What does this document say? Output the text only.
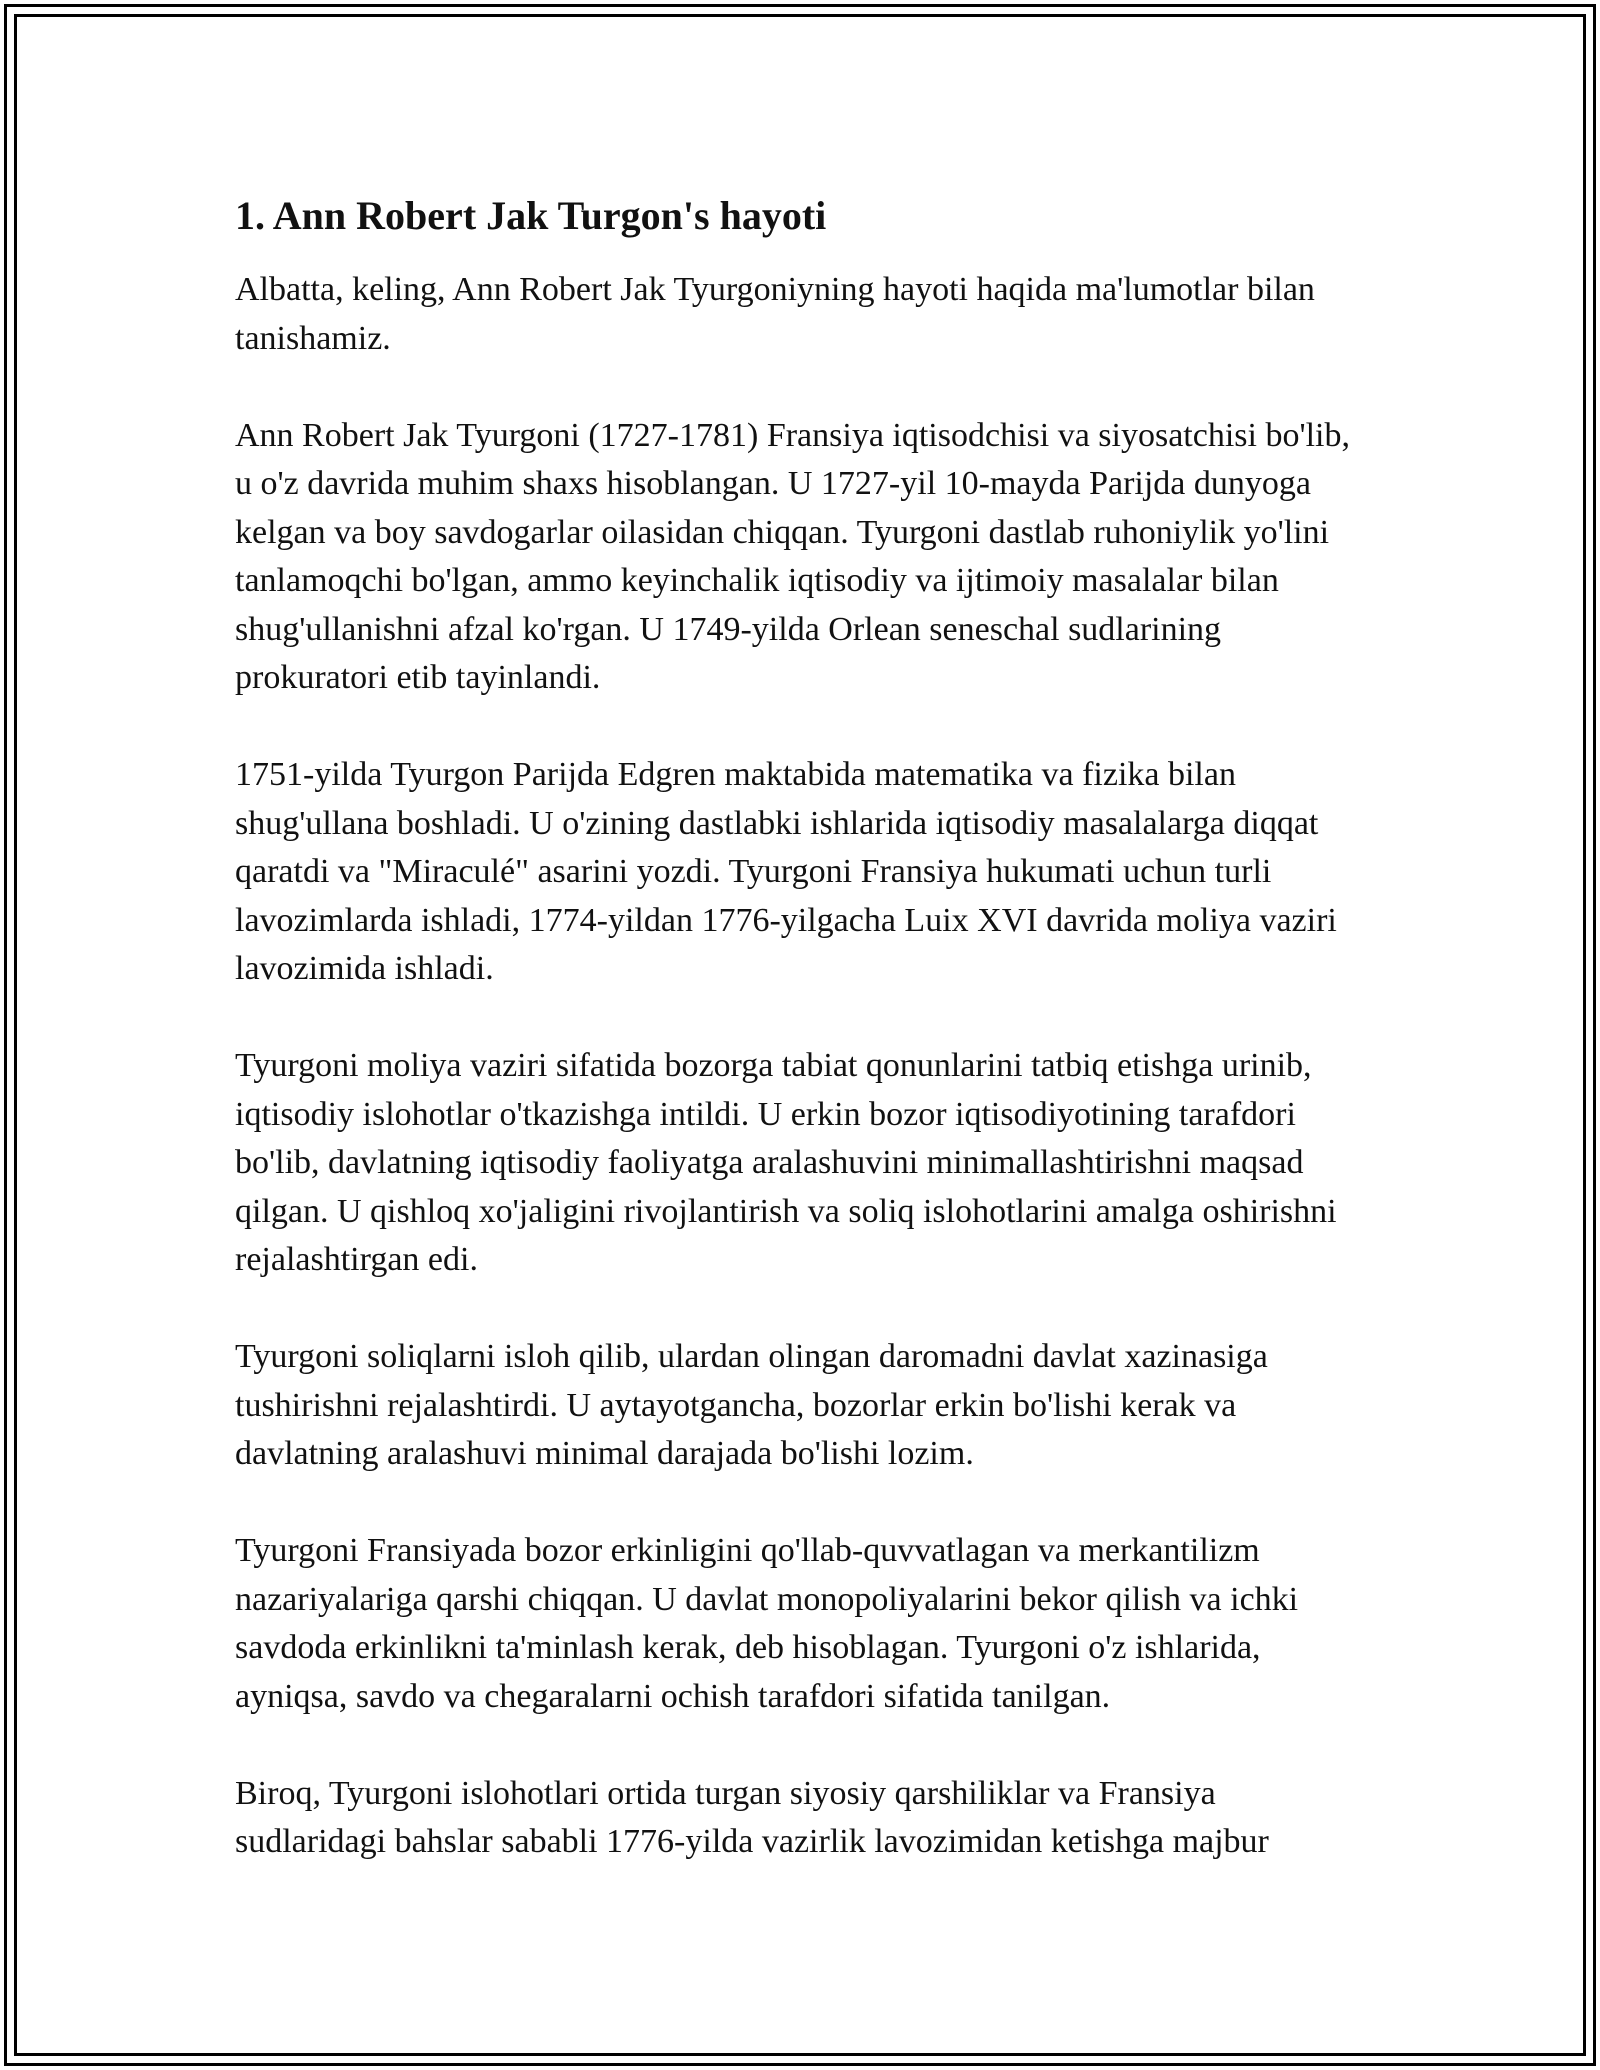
1. Ann Robert Jak Turgon's hayoti

Albatta, keling, Ann Robert Jak Tyurgoniyning hayoti haqida ma'lumotlar bilan tanishamiz.

Ann Robert Jak Tyurgoni (1727-1781) Fransiya iqtisodchisi va siyosatchisi bo'lib, u o'z davrida muhim shaxs hisoblangan. U 1727-yil 10-mayda Parijda dunyoga kelgan va boy savdogarlar oilasidan chiqqan. Tyurgoni dastlab ruhoniylik yo'lini tanlamoqchi bo'lgan, ammo keyinchalik iqtisodiy va ijtimoiy masalalar bilan shug'ullanishni afzal ko'rgan. U 1749-yilda Orlean seneschal sudlarining prokuratori etib tayinlandi.

1751-yilda Tyurgon Parijda Edgren maktabida matematika va fizika bilan shug'ullana boshladi. U o'zining dastlabki ishlarida iqtisodiy masalalarga diqqat qaratdi va "Miraculé" asarini yozdi. Tyurgoni Fransiya hukumati uchun turli lavozimlarda ishladi, 1774-yildan 1776-yilgacha Luix XVI davrida moliya vaziri lavozimida ishladi.

Tyurgoni moliya vaziri sifatida bozorga tabiat qonunlarini tatbiq etishga urinib, iqtisodiy islohotlar o'tkazishga intildi. U erkin bozor iqtisodiyotining tarafdori bo'lib, davlatning iqtisodiy faoliyatga aralashuvini minimallashtirishni maqsad qilgan. U qishloq xo'jaligini rivojlantirish va soliq islohotlarini amalga oshirishni rejalashtirgan edi.

Tyurgoni soliqlarni isloh qilib, ulardan olingan daromadni davlat xazinasiga tushirishni rejalashtirdi. U aytayotgancha, bozorlar erkin bo'lishi kerak va davlatning aralashuvi minimal darajada bo'lishi lozim.

Tyurgoni Fransiyada bozor erkinligini qo'llab-quvvatlagan va merkantilizm nazariyalariga qarshi chiqqan. U davlat monopoliyalarini bekor qilish va ichki savdoda erkinlikni ta'minlash kerak, deb hisoblagan. Tyurgoni o'z ishlarida, ayniqsa, savdo va chegaralarni ochish tarafdori sifatida tanilgan.

Biroq, Tyurgoni islohotlari ortida turgan siyosiy qarshiliklar va Fransiya sudlaridagi bahslar sababli 1776-yilda vazirlik lavozimidan ketishga majbur
